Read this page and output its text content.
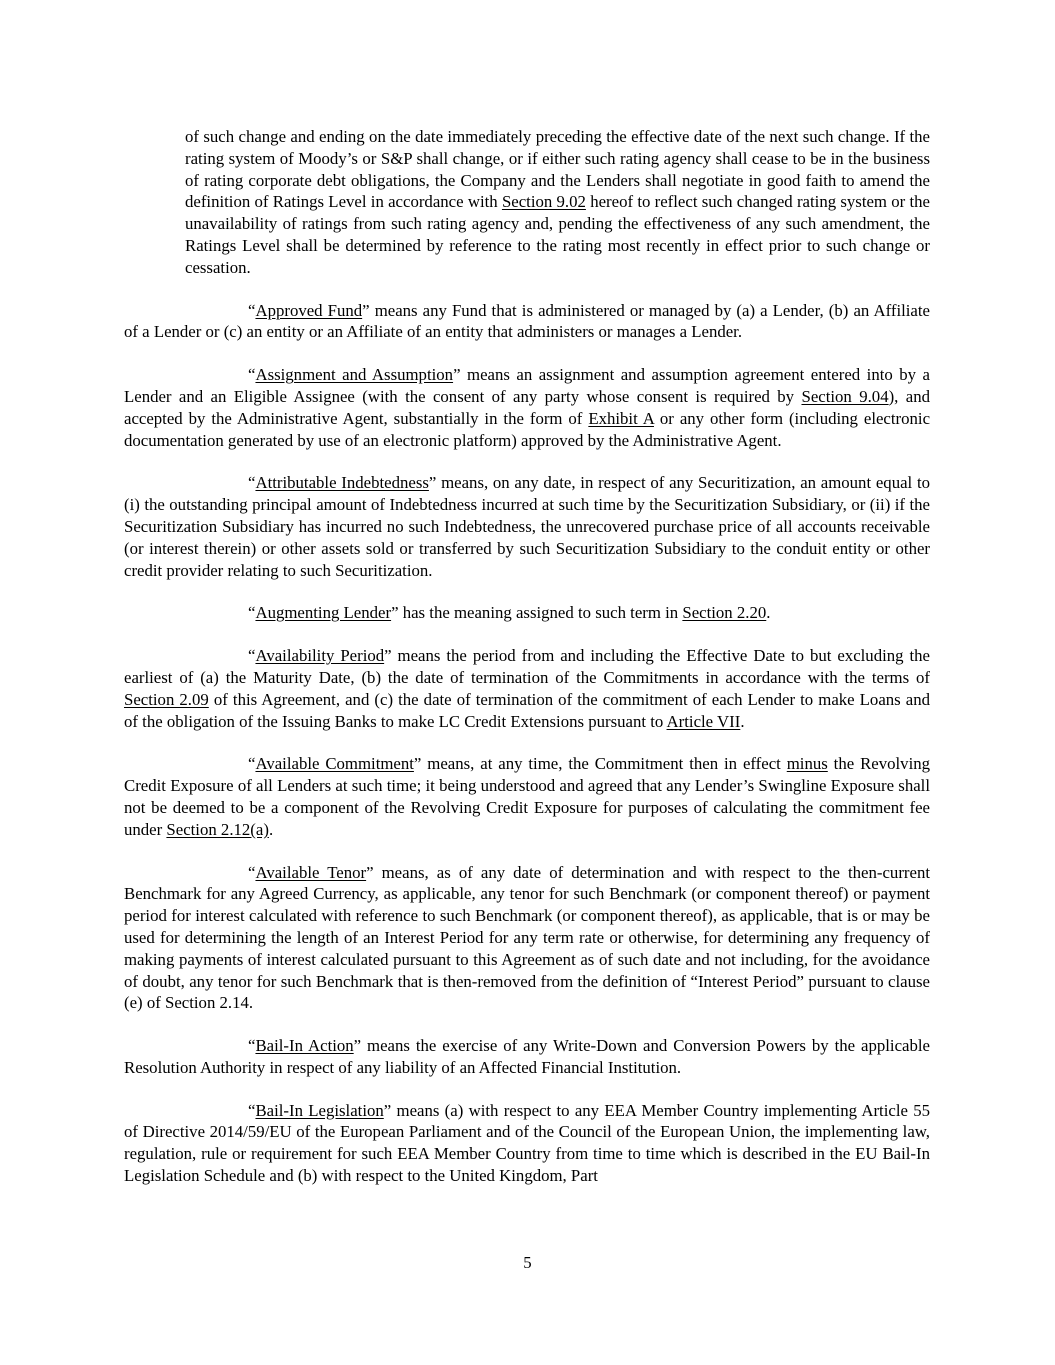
of such change and ending on the date immediately preceding the effective date of the next such change. If the rating system of Moody’s or S&P shall change, or if either such rating agency shall cease to be in the business of rating corporate debt obligations, the Company and the Lenders shall negotiate in good faith to amend the definition of Ratings Level in accordance with Section 9.02 hereof to reflect such changed rating system or the unavailability of ratings from such rating agency and, pending the effectiveness of any such amendment, the Ratings Level shall be determined by reference to the rating most recently in effect prior to such change or cessation.

“Approved Fund” means any Fund that is administered or managed by (a) a Lender, (b) an Affiliate of a Lender or (c) an entity or an Affiliate of an entity that administers or manages a Lender.

“Assignment and Assumption” means an assignment and assumption agreement entered into by a Lender and an Eligible Assignee (with the consent of any party whose consent is required by Section 9.04), and accepted by the Administrative Agent, substantially in the form of Exhibit A or any other form (including electronic documentation generated by use of an electronic platform) approved by the Administrative Agent.

“Attributable Indebtedness” means, on any date, in respect of any Securitization, an amount equal to (i) the outstanding principal amount of Indebtedness incurred at such time by the Securitization Subsidiary, or (ii) if the Securitization Subsidiary has incurred no such Indebtedness, the unrecovered purchase price of all accounts receivable (or interest therein) or other assets sold or transferred by such Securitization Subsidiary to the conduit entity or other credit provider relating to such Securitization.

“Augmenting Lender” has the meaning assigned to such term in Section 2.20.

“Availability Period” means the period from and including the Effective Date to but excluding the earliest of (a) the Maturity Date, (b) the date of termination of the Commitments in accordance with the terms of Section 2.09 of this Agreement, and (c) the date of termination of the commitment of each Lender to make Loans and of the obligation of the Issuing Banks to make LC Credit Extensions pursuant to Article VII.

“Available Commitment” means, at any time, the Commitment then in effect minus the Revolving Credit Exposure of all Lenders at such time; it being understood and agreed that any Lender’s Swingline Exposure shall not be deemed to be a component of the Revolving Credit Exposure for purposes of calculating the commitment fee under Section 2.12(a).

“Available Tenor” means, as of any date of determination and with respect to the then-current Benchmark for any Agreed Currency, as applicable, any tenor for such Benchmark (or component thereof) or payment period for interest calculated with reference to such Benchmark (or component thereof), as applicable, that is or may be used for determining the length of an Interest Period for any term rate or otherwise, for determining any frequency of making payments of interest calculated pursuant to this Agreement as of such date and not including, for the avoidance of doubt, any tenor for such Benchmark that is then-removed from the definition of “Interest Period” pursuant to clause (e) of Section 2.14.

“Bail-In Action” means the exercise of any Write-Down and Conversion Powers by the applicable Resolution Authority in respect of any liability of an Affected Financial Institution.

“Bail-In Legislation” means (a) with respect to any EEA Member Country implementing Article 55 of Directive 2014/59/EU of the European Parliament and of the Council of the European Union, the implementing law, regulation, rule or requirement for such EEA Member Country from time to time which is described in the EU Bail-In Legislation Schedule and (b) with respect to the United Kingdom, Part

5
